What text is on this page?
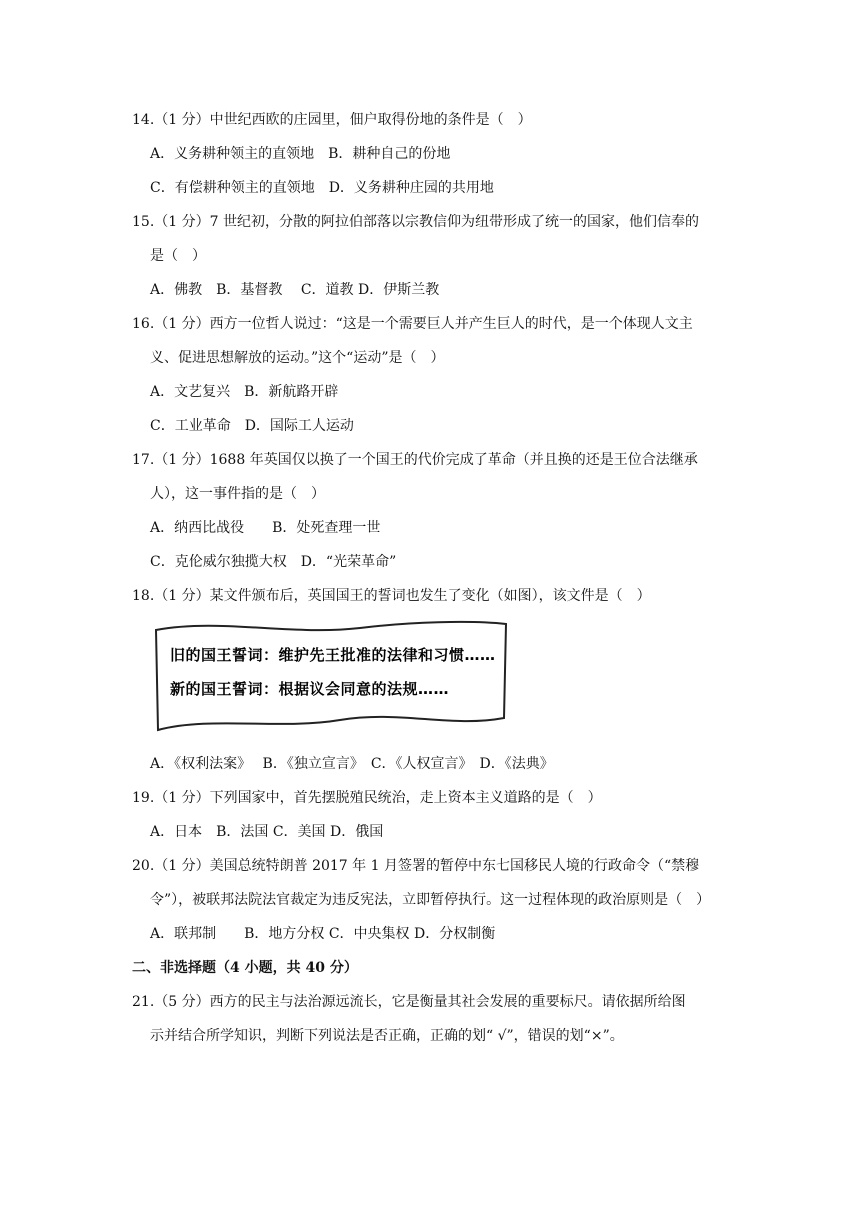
14.（1 分）中世纪西欧的庄园里，佃户取得份地的条件是（　）
A．义务耕种领主的直领地　B．耕种自己的份地
C．有偿耕种领主的直领地　D．义务耕种庄园的共用地
15.（1 分）7 世纪初，分散的阿拉伯部落以宗教信仰为纽带形成了统一的国家，他们信奉的
是（　）
A．佛教　B．基督教　 C．道教 D．伊斯兰教
16.（1 分）西方一位哲人说过：“这是一个需要巨人并产生巨人的时代，是一个体现人文主
义、促进思想解放的运动。”这个“运动”是（　）
A．文艺复兴　B．新航路开辟
C．工业革命　D．国际工人运动
17.（1 分）1688 年英国仅以换了一个国王的代价完成了革命（并且换的还是王位合法继承
人），这一事件指的是（　）
A．纳西比战役　　B．处死查理一世
C．克伦威尔独揽大权　D．“光荣革命”
18.（1 分）某文件颁布后，英国国王的誓词也发生了变化（如图），该文件是（　）
旧的国王誓词：维护先王批准的法律和习惯……
新的国王誓词：根据议会同意的法规……
A．《权利法案》　 B．《独立宣言》　C．《人权宣言》　D．《法典》
19.（1 分）下列国家中，首先摆脱殖民统治，走上资本主义道路的是（　）
A．日本　B．法国 C．美国 D．俄国
20.（1 分）美国总统特朗普 2017 年 1 月签署的暂停中东七国移民人境的行政命令（“禁穆
令”），被联邦法院法官裁定为违反宪法，立即暂停执行。这一过程体现的政治原则是（　）
A．联邦制　　B．地方分权 C．中央集权 D．分权制衡
二、非选择题（4 小题，共 40 分）
21.（5 分）西方的民主与法治源远流长，它是衡量其社会发展的重要标尺。请依据所给图
示并结合所学知识，判断下列说法是否正确，正确的划“ √”，错误的划“×”。
